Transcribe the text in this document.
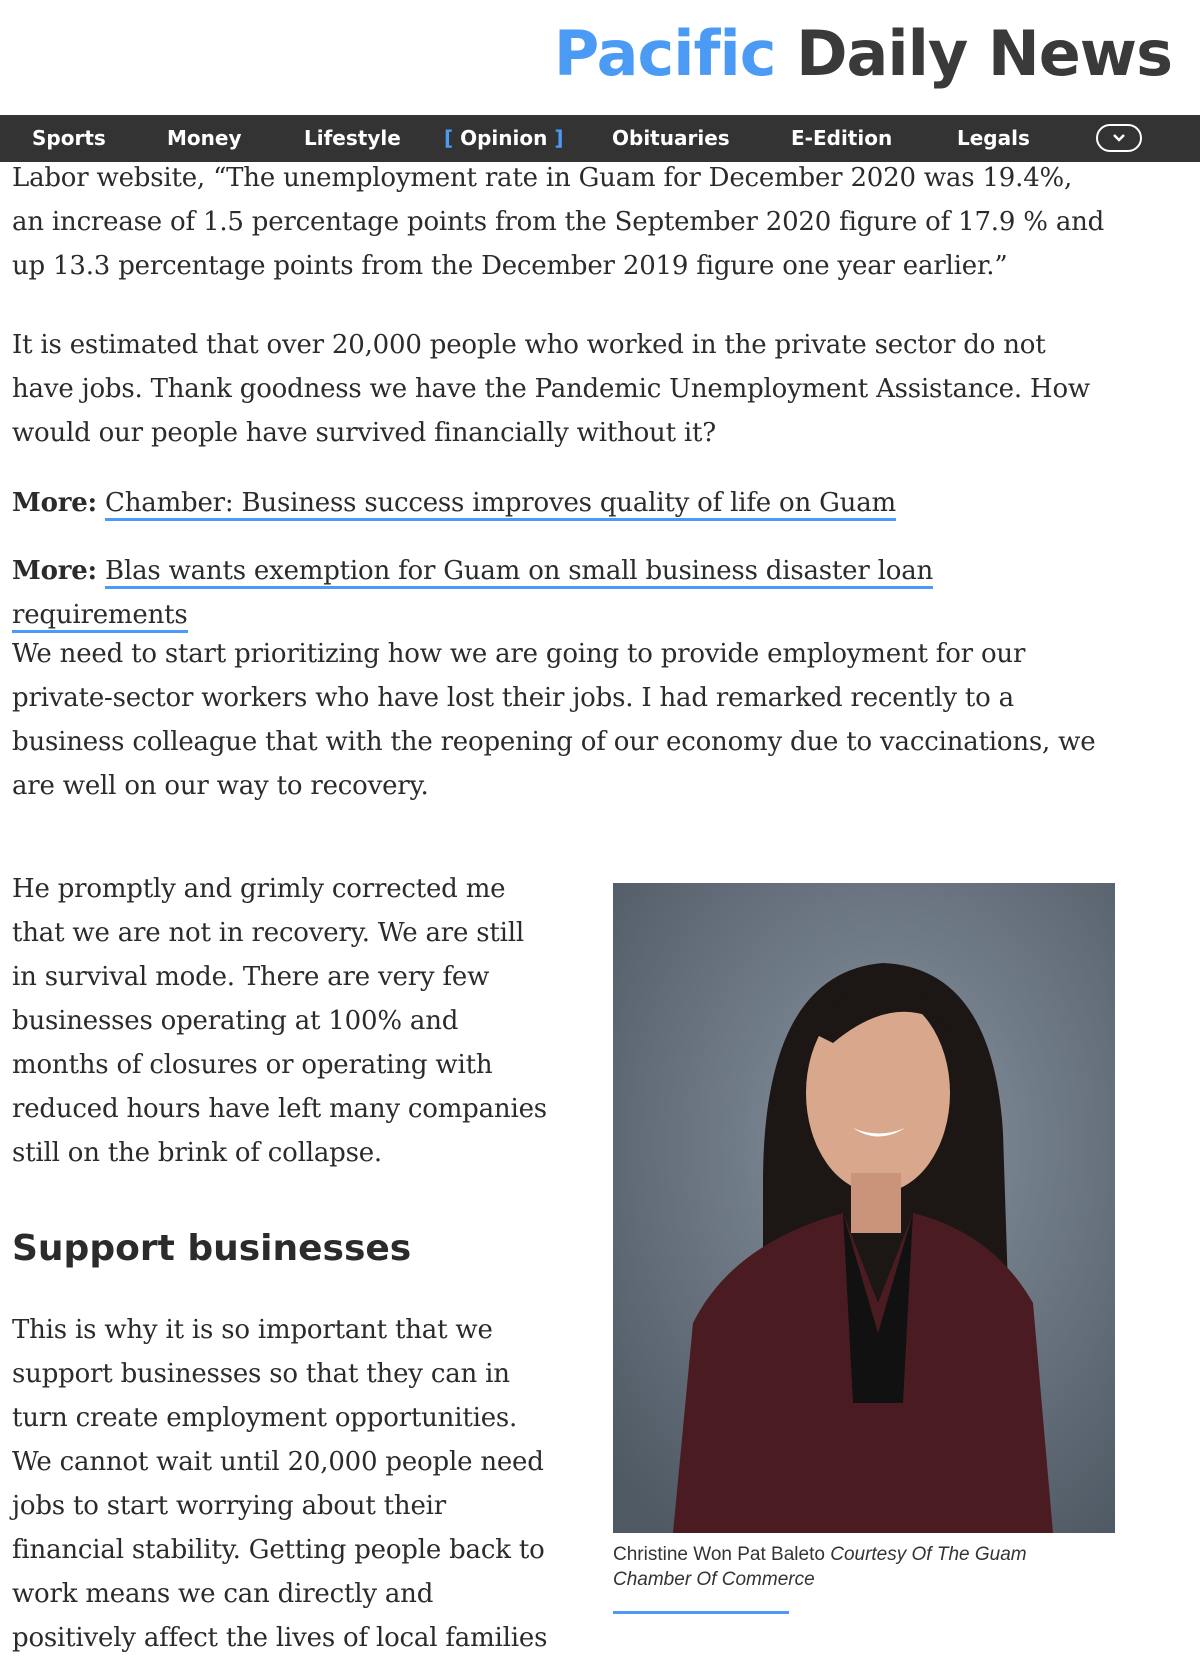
Pacific Daily News
Sports	Money	Lifestyle [ Opinion ] Obituaries	E-Edition	Legals
Labor website, “The unemployment rate in Guam for December 2020 was 19.4%,
an increase of 1.5 percentage points from the September 2020 figure of 17.9 % and
up 13.3 percentage points from the December 2019 figure one year earlier.”
It is estimated that over 20,000 people who worked in the private sector do not
have jobs. Thank goodness we have the Pandemic Unemployment Assistance. How
would our people have survived financially without it?
More: Chamber: Business success improves quality of life on Guam
More: Blas wants exemption for Guam on small business disaster loan
requirements
We need to start prioritizing how we are going to provide employment for our
private-sector workers who have lost their jobs. I had remarked recently to a
business colleague that with the reopening of our economy due to vaccinations, we
are well on our way to recovery.
He promptly and grimly corrected me
that we are not in recovery. We are still
in survival mode. There are very few
businesses operating at 100% and
months of closures or operating with
reduced hours have left many companies
still on the brink of collapse.
Support businesses
This is why it is so important that we
support businesses so that they can in
turn create employment opportunities.
We cannot wait until 20,000 people need
jobs to start worrying about their
financial stability. Getting people back to
work means we can directly and
positively affect the lives of local families
Christine Won Pat Baleto Courtesy Of The Guam Chamber Of Commerce
